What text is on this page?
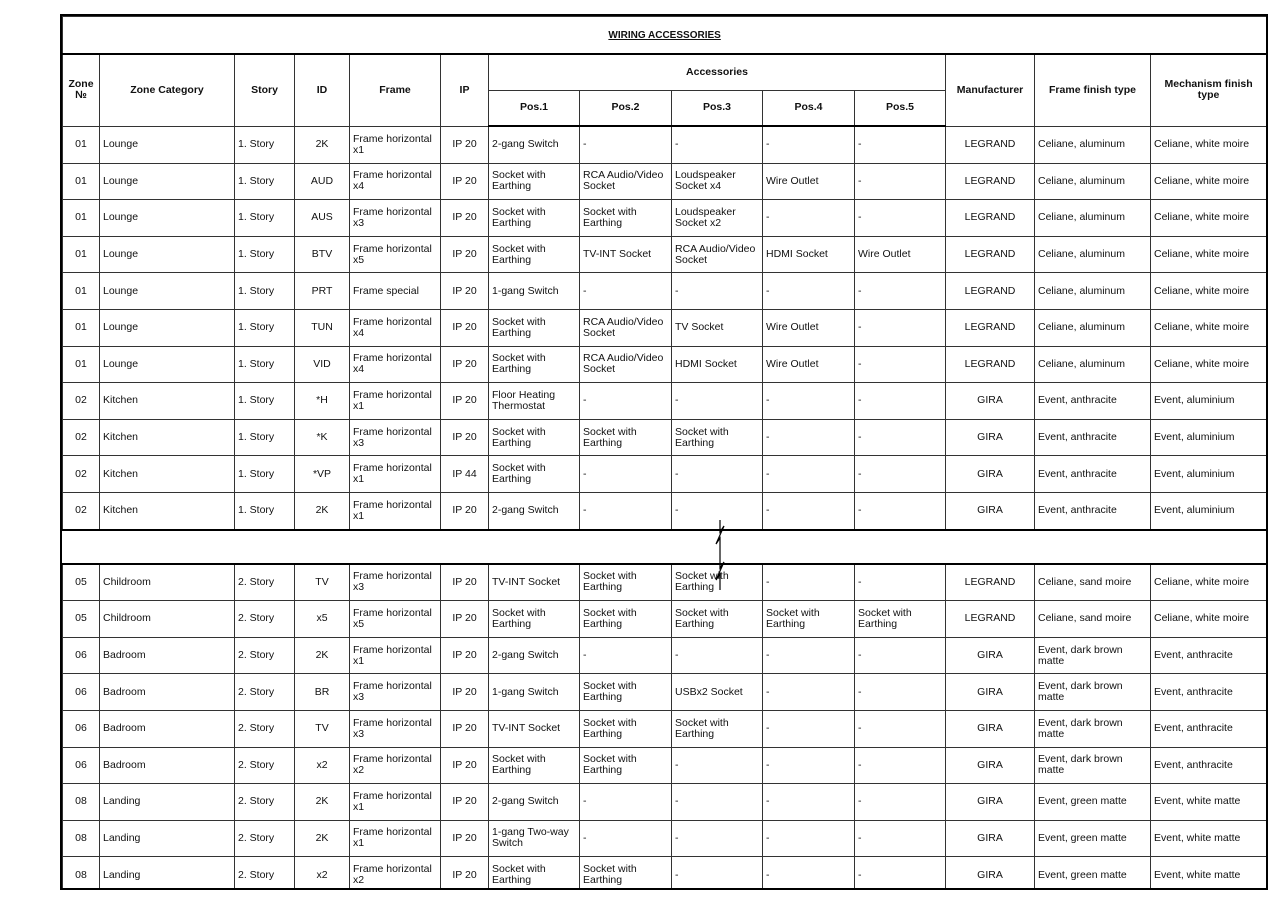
WIRING ACCESSORIES													
Zone №	Zone Category	Story	ID	Frame	IP	Accessories					Manufacturer	Frame finish type	Mechanism finish type
						Pos.1	Pos.2	Pos.3	Pos.4	Pos.5			
01	Lounge	1. Story	2K	Frame horizontal x1	IP 20	2-gang Switch	-	-	-	-	LEGRAND	Celiane, aluminum	Celiane, white moire
01	Lounge	1. Story	AUD	Frame horizontal x4	IP 20	Socket with Earthing	RCA Audio/Video Socket	Loudspeaker Socket x4	Wire Outlet	-	LEGRAND	Celiane, aluminum	Celiane, white moire
01	Lounge	1. Story	AUS	Frame horizontal x3	IP 20	Socket with Earthing	Socket with Earthing	Loudspeaker Socket x2	-	-	LEGRAND	Celiane, aluminum	Celiane, white moire
01	Lounge	1. Story	BTV	Frame horizontal x5	IP 20	Socket with Earthing	TV-INT Socket	RCA Audio/Video Socket	HDMI Socket	Wire Outlet	LEGRAND	Celiane, aluminum	Celiane, white moire
01	Lounge	1. Story	PRT	Frame special	IP 20	1-gang Switch	-	-	-	-	LEGRAND	Celiane, aluminum	Celiane, white moire
01	Lounge	1. Story	TUN	Frame horizontal x4	IP 20	Socket with Earthing	RCA Audio/Video Socket	TV Socket	Wire Outlet	-	LEGRAND	Celiane, aluminum	Celiane, white moire
01	Lounge	1. Story	VID	Frame horizontal x4	IP 20	Socket with Earthing	RCA Audio/Video Socket	HDMI Socket	Wire Outlet	-	LEGRAND	Celiane, aluminum	Celiane, white moire
02	Kitchen	1. Story	*H	Frame horizontal x1	IP 20	Floor Heating Thermostat	-	-	-	-	GIRA	Event, anthracite	Event, aluminium
02	Kitchen	1. Story	*K	Frame horizontal x3	IP 20	Socket with Earthing	Socket with Earthing	Socket with Earthing	-	-	GIRA	Event, anthracite	Event, aluminium
02	Kitchen	1. Story	*VP	Frame horizontal x1	IP 44	Socket with Earthing	-	-	-	-	GIRA	Event, anthracite	Event, aluminium
02	Kitchen	1. Story	2K	Frame horizontal x1	IP 20	2-gang Switch	-	-	-	-	GIRA	Event, anthracite	Event, aluminium

05	Childroom	2. Story	TV	Frame horizontal x3	IP 20	TV-INT Socket	Socket with Earthing	Socket with Earthing	-	-	LEGRAND	Celiane, sand moire	Celiane, white moire
05	Childroom	2. Story	x5	Frame horizontal x5	IP 20	Socket with Earthing	Socket with Earthing	Socket with Earthing	Socket with Earthing	Socket with Earthing	LEGRAND	Celiane, sand moire	Celiane, white moire
06	Badroom	2. Story	2K	Frame horizontal x1	IP 20	2-gang Switch	-	-	-	-	GIRA	Event, dark brown matte	Event, anthracite
06	Badroom	2. Story	BR	Frame horizontal x3	IP 20	1-gang Switch	Socket with Earthing	USBx2 Socket	-	-	GIRA	Event, dark brown matte	Event, anthracite
06	Badroom	2. Story	TV	Frame horizontal x3	IP 20	TV-INT Socket	Socket with Earthing	Socket with Earthing	-	-	GIRA	Event, dark brown matte	Event, anthracite
06	Badroom	2. Story	x2	Frame horizontal x2	IP 20	Socket with Earthing	Socket with Earthing	-	-	-	GIRA	Event, dark brown matte	Event, anthracite
08	Landing	2. Story	2K	Frame horizontal x1	IP 20	2-gang Switch	-	-	-	-	GIRA	Event, green matte	Event, white matte
08	Landing	2. Story	2K	Frame horizontal x1	IP 20	1-gang Two-way Switch	-	-	-	-	GIRA	Event, green matte	Event, white matte
08	Landing	2. Story	x2	Frame horizontal x2	IP 20	Socket with Earthing	Socket with Earthing	-	-	-	GIRA	Event, green matte	Event, white matte
